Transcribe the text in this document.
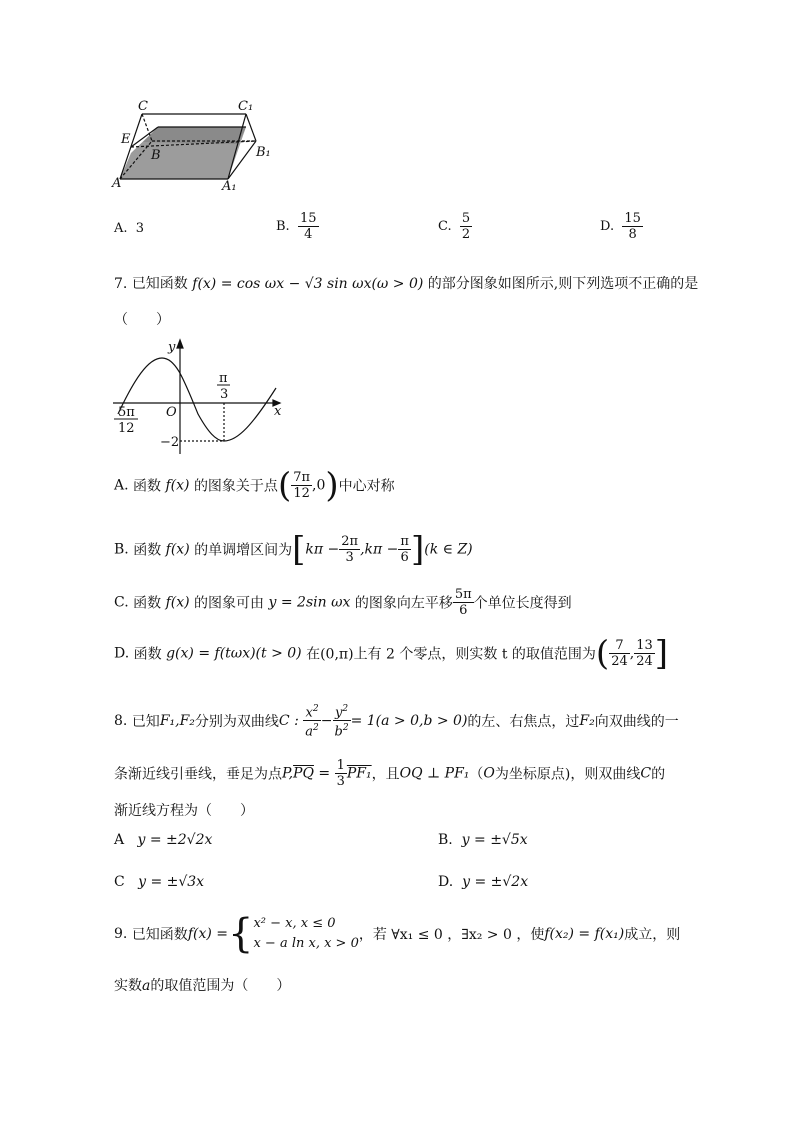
C	C₁
E
B	B₁
A	A₁
A. 3	B. $\frac{15}{4}$	C. $\frac{5}{2}$	D. $\frac{15}{8}$
7. 已知函数 f(x) = cos ωx − √3 sin ωx(ω > 0) 的部分图象如图所示,则下列选项不正确的是
（　　）
y
x
O
π
3
5π
12
−2
A. 函数 f(x) 的图象关于点( $\frac{7\pi}{12} ,0$)中心对称
B. 函数 f(x) 的单调增区间为$[k\pi - \frac{2\pi}{3} ,k\pi - \frac{\pi}{6} ](k$ ∈ Z)
C. 函数 f(x) 的图象可由 y = 2sin ωx 的图象向左平移 $\frac{5\pi}{6}$ 个单位长度得到
D. 函数 g(x) = f(tωx)(t > 0) 在(0,π)上有 2 个零点，则实数 t 的取值范围为( $\frac{7}{24}$ , $\frac{13}{24}$ ]
8. 已知F₁,F₂分别为双曲线C : $\frac{x^2}{a^2} - \frac{y^2}{b^2} = 1(a > 0,b > 0)$的左、右焦点，过F₂向双曲线的一
条渐近线引垂线，垂足为点$P,\overline{PQ} = \frac{1}{3} PF_1$，且OQ ⊥ PF₁（O为坐标原点)，则双曲线C的
渐近线方程为（　　）
A y = ±2√2x	B. y = ±√5x
C y = ±√3x	D. y = ±√2x
9. 已知函数f(x) ={ x² − x, x ≤ 0
x − a ln x, x > 0
，若 ∀x₁ ≤ 0 ，∃x₂ > 0 ，使f(x₂) = f(x₁)成立，则
实数a的取值范围为（　　）
